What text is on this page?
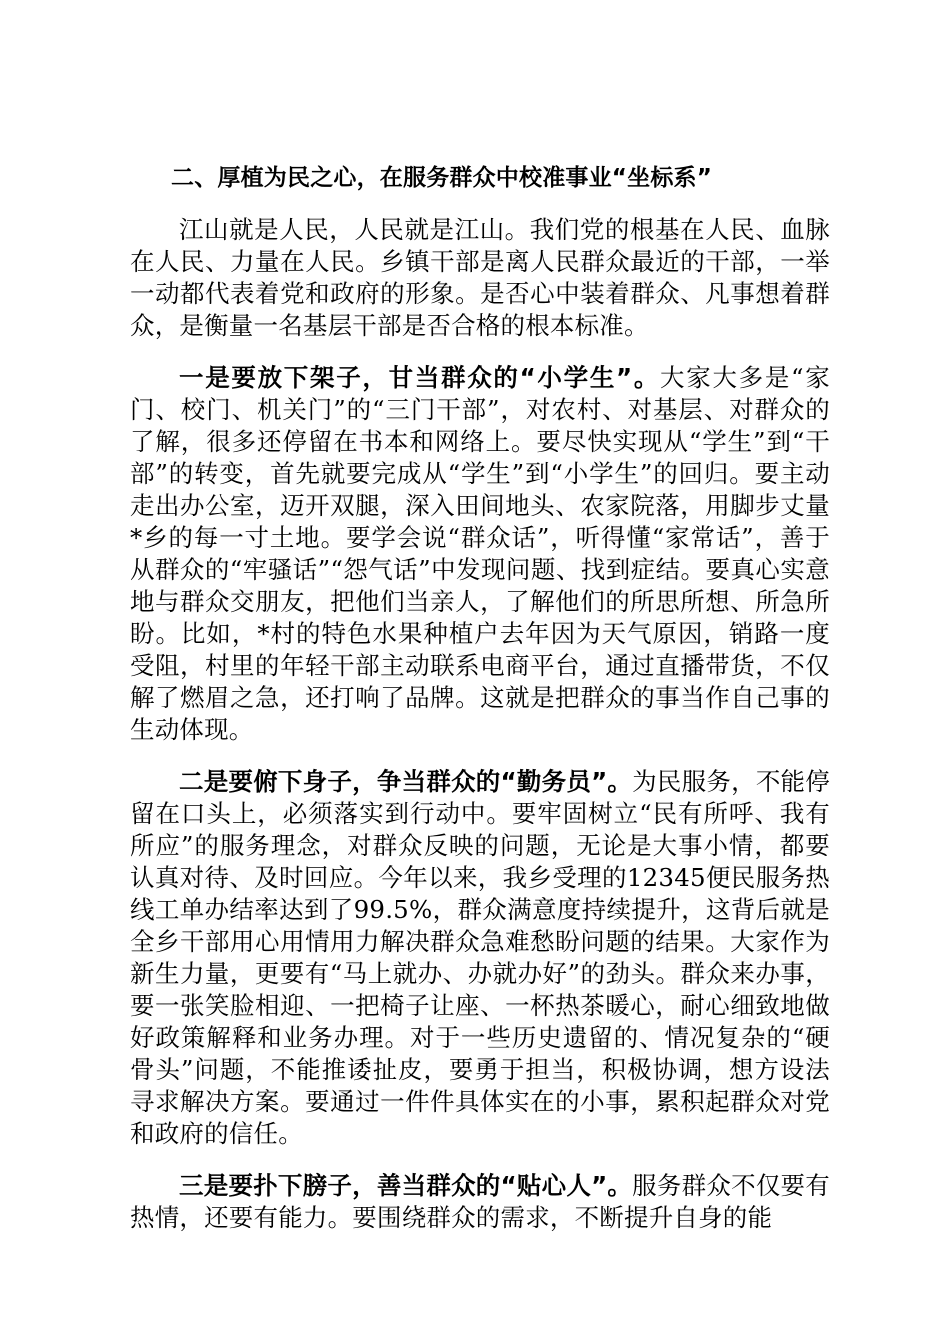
二、厚植为民之心，在服务群众中校准事业“坐标系”

江山就是人民，人民就是江山。我们党的根基在人民、血脉在人民、力量在人民。乡镇干部是离人民群众最近的干部，一举一动都代表着党和政府的形象。是否心中装着群众、凡事想着群众，是衡量一名基层干部是否合格的根本标准。

一是要放下架子，甘当群众的“小学生”。大家大多是“家门、校门、机关门”的“三门干部”，对农村、对基层、对群众的了解，很多还停留在书本和网络上。要尽快实现从“学生”到“干部”的转变，首先就要完成从“学生”到“小学生”的回归。要主动走出办公室，迈开双腿，深入田间地头、农家院落，用脚步丈量*乡的每一寸土地。要学会说“群众话”，听得懂“家常话”，善于从群众的“牢骚话”“怨气话”中发现问题、找到症结。要真心实意地与群众交朋友，把他们当亲人，了解他们的所思所想、所急所盼。比如，*村的特色水果种植户去年因为天气原因，销路一度受阻，村里的年轻干部主动联系电商平台，通过直播带货，不仅解了燃眉之急，还打响了品牌。这就是把群众的事当作自己事的生动体现。

二是要俯下身子，争当群众的“勤务员”。为民服务，不能停留在口头上，必须落实到行动中。要牢固树立“民有所呼、我有所应”的服务理念，对群众反映的问题，无论是大事小情，都要认真对待、及时回应。今年以来，我乡受理的12345便民服务热线工单办结率达到了99.5%，群众满意度持续提升，这背后就是全乡干部用心用情用力解决群众急难愁盼问题的结果。大家作为新生力量，更要有“马上就办、办就办好”的劲头。群众来办事，要一张笑脸相迎、一把椅子让座、一杯热茶暖心，耐心细致地做好政策解释和业务办理。对于一些历史遗留的、情况复杂的“硬骨头”问题，不能推诿扯皮，要勇于担当，积极协调，想方设法寻求解决方案。要通过一件件具体实在的小事，累积起群众对党和政府的信任。

三是要扑下膀子，善当群众的“贴心人”。服务群众不仅要有热情，还要有能力。要围绕群众的需求，不断提升自身的能
